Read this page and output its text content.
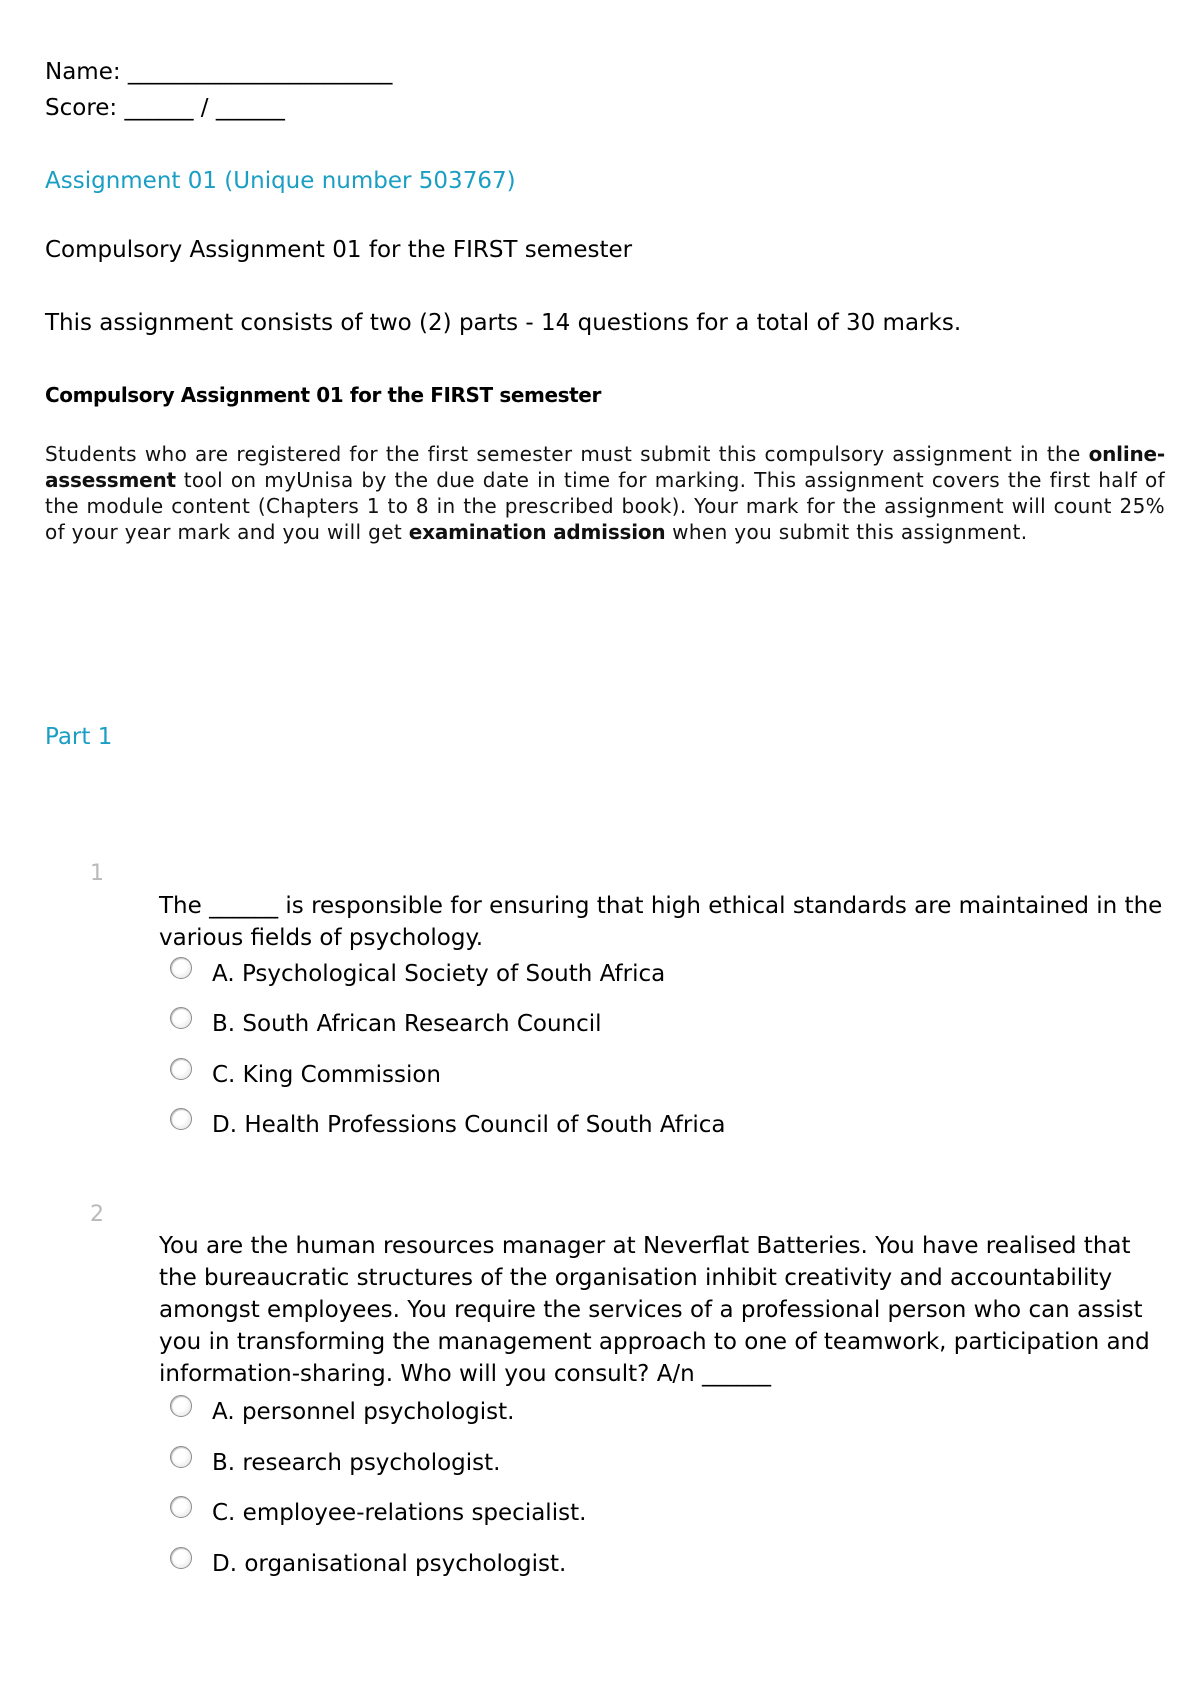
Name: _______________________
Score: ______ / ______
Assignment 01 (Unique number 503767)
Compulsory Assignment 01 for the FIRST semester
This assignment consists of two (2) parts - 14 questions for a total of 30 marks.
Compulsory Assignment 01 for the FIRST semester
Students who are registered for the first semester must submit this compulsory assignment in the online-assessment tool on myUnisa by the due date in time for marking. This assignment covers the first half of the module content (Chapters 1 to 8 in the prescribed book). Your mark for the assignment will count 25% of your year mark and you will get examination admission when you submit this assignment.
Part 1
1
The ______ is responsible for ensuring that high ethical standards are maintained in the various fields of psychology.
A. Psychological Society of South Africa
B. South African Research Council
C. King Commission
D. Health Professions Council of South Africa
2
You are the human resources manager at Neverflat Batteries. You have realised that the bureaucratic structures of the organisation inhibit creativity and accountability amongst employees. You require the services of a professional person who can assist you in transforming the management approach to one of teamwork, participation and information-sharing. Who will you consult? A/n ______
A. personnel psychologist.
B. research psychologist.
C. employee-relations specialist.
D. organisational psychologist.
